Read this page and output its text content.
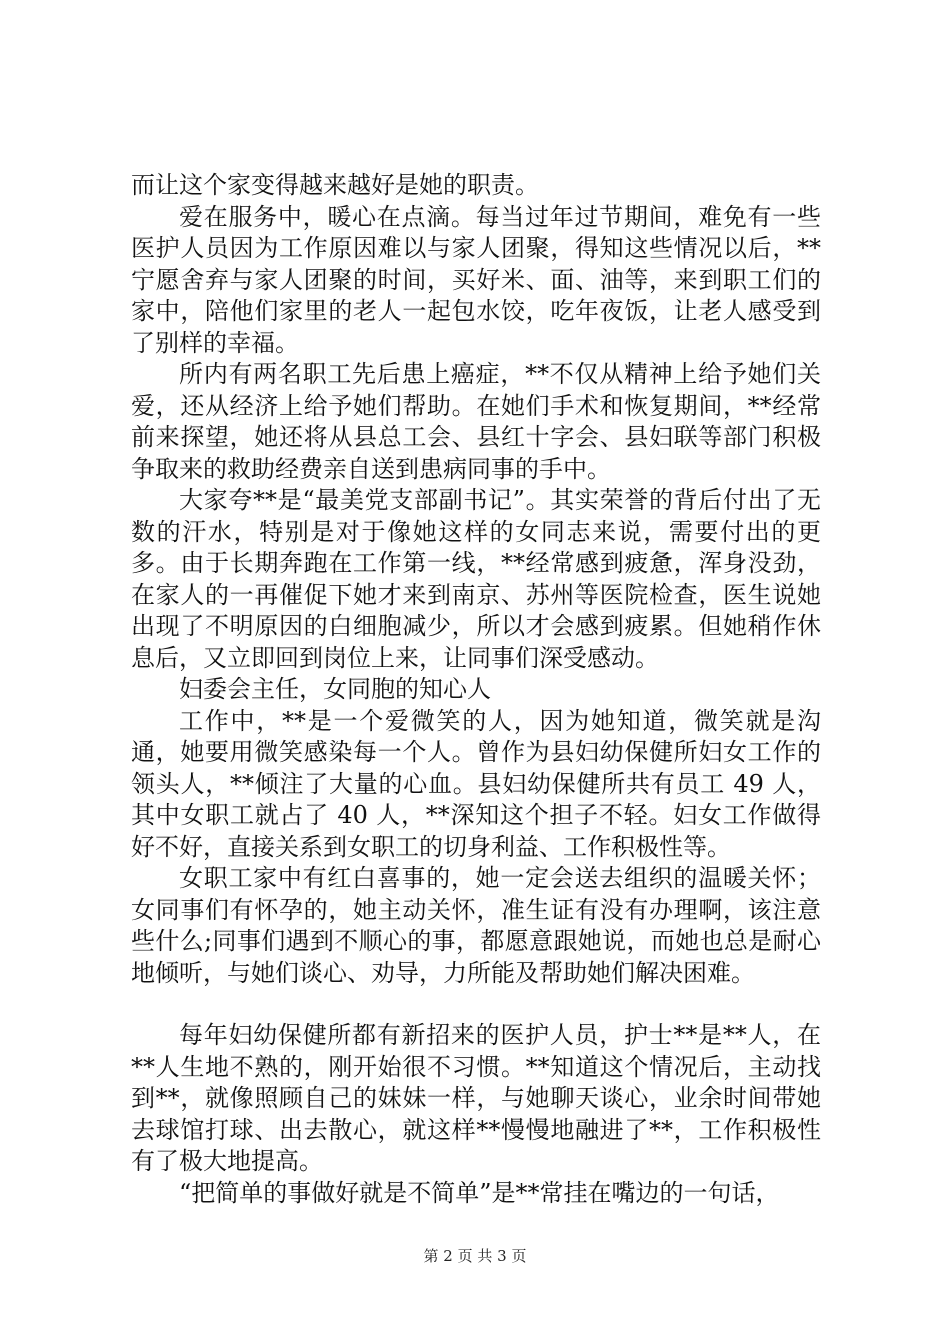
而让这个家变得越来越好是她的职责。

爱在服务中，暖心在点滴。每当过年过节期间，难免有一些医护人员因为工作原因难以与家人团聚，得知这些情况以后，**宁愿舍弃与家人团聚的时间，买好米、面、油等，来到职工们的家中，陪他们家里的老人一起包水饺，吃年夜饭，让老人感受到了别样的幸福。

所内有两名职工先后患上癌症，**不仅从精神上给予她们关爱，还从经济上给予她们帮助。在她们手术和恢复期间，**经常前来探望，她还将从县总工会、县红十字会、县妇联等部门积极争取来的救助经费亲自送到患病同事的手中。

大家夸**是“最美党支部副书记”。其实荣誉的背后付出了无数的汗水，特别是对于像她这样的女同志来说，需要付出的更多。由于长期奔跑在工作第一线，**经常感到疲惫，浑身没劲，在家人的一再催促下她才来到南京、苏州等医院检查，医生说她出现了不明原因的白细胞减少，所以才会感到疲累。但她稍作休息后，又立即回到岗位上来，让同事们深受感动。

妇委会主任，女同胞的知心人

工作中，**是一个爱微笑的人，因为她知道，微笑就是沟通，她要用微笑感染每一个人。曾作为县妇幼保健所妇女工作的领头人，**倾注了大量的心血。县妇幼保健所共有员工 49 人，其中女职工就占了 40 人，**深知这个担子不轻。妇女工作做得好不好，直接关系到女职工的切身利益、工作积极性等。

女职工家中有红白喜事的，她一定会送去组织的温暖关怀；女同事们有怀孕的，她主动关怀，准生证有没有办理啊，该注意些什么;同事们遇到不顺心的事，都愿意跟她说，而她也总是耐心地倾听，与她们谈心、劝导，力所能及帮助她们解决困难。

每年妇幼保健所都有新招来的医护人员，护士**是**人，在**人生地不熟的，刚开始很不习惯。**知道这个情况后，主动找到**，就像照顾自己的妹妹一样，与她聊天谈心，业余时间带她去球馆打球、出去散心，就这样**慢慢地融进了**，工作积极性有了极大地提高。

“把简单的事做好就是不简单”是**常挂在嘴边的一句话，

第 2 页 共 3 页
